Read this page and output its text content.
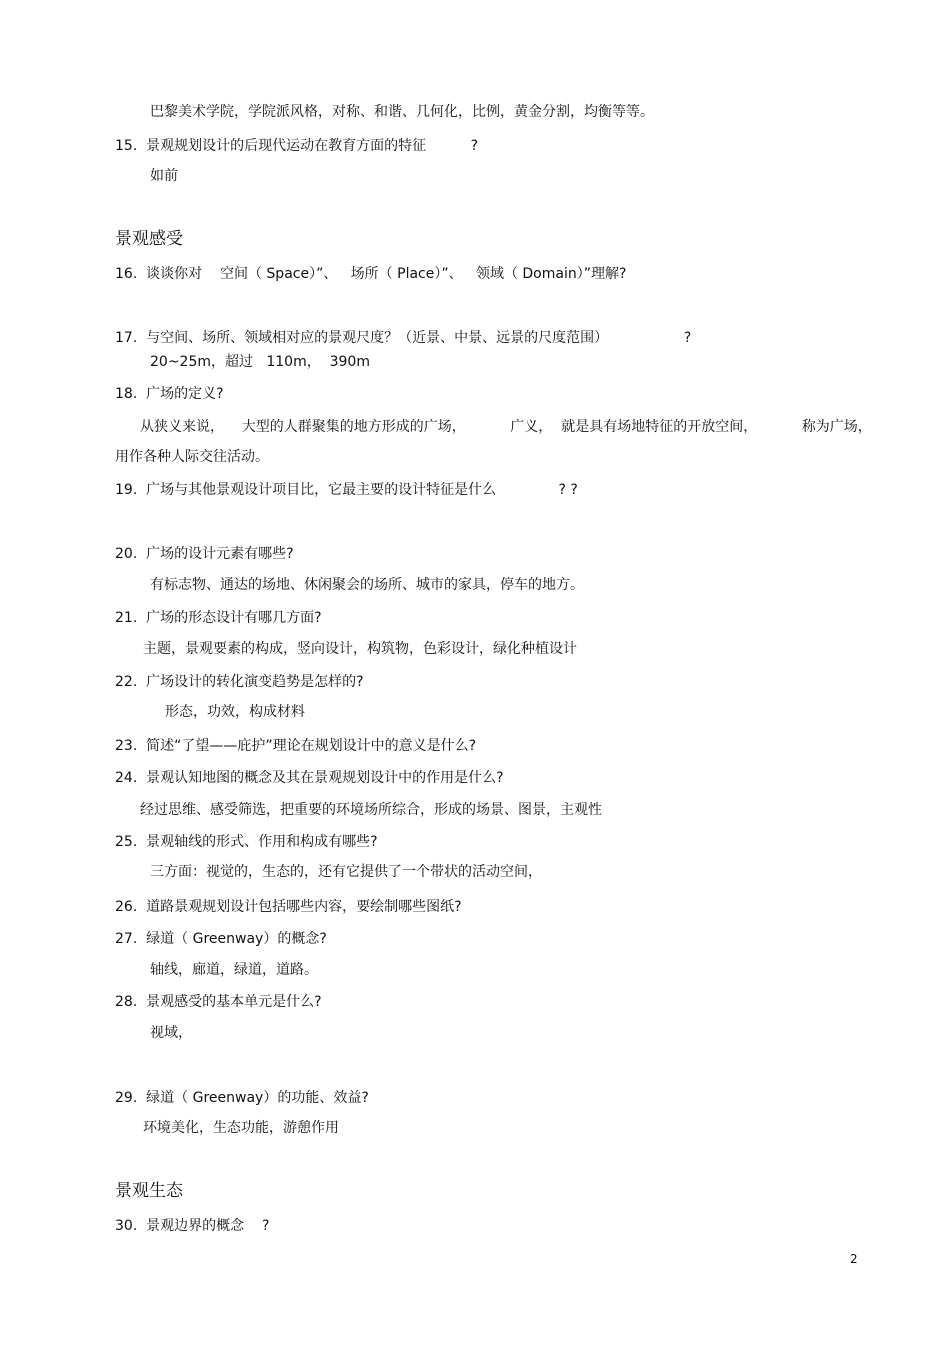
巴黎美术学院，学院派风格，对称、和谐、几何化，比例，黄金分割，均衡等等。
15.  景观规划设计的后现代运动在教育方面的特征          ?
如前
景观感受
16.  谈谈你对    空间（ Space）”、   场所（ Place）”、   领域（ Domain）”理解?
17.  与空间、场所、领域相对应的景观尺度？（近景、中景、远景的尺度范围）                 ?
20~25m，超过   110m，  390m
18.  广场的定义?
从狭义来说，    大型的人群聚集的地方形成的广场，          广义，  就是具有场地特征的开放空间，          称为广场，
用作各种人际交往活动。
19.  广场与其他景观设计项目比，它最主要的设计特征是什么              ? ?
20.  广场的设计元素有哪些?
有标志物、通达的场地、休闲聚会的场所、城市的家具，停车的地方。
21.  广场的形态设计有哪几方面?
主题，景观要素的构成，竖向设计，构筑物，色彩设计，绿化种植设计
22.  广场设计的转化演变趋势是怎样的?
形态，功效，构成材料
23.  简述“了望——庇护”理论在规划设计中的意义是什么?
24.  景观认知地图的概念及其在景观规划设计中的作用是什么?
经过思维、感受筛选，把重要的环境场所综合，形成的场景、图景，主观性
25.  景观轴线的形式、作用和构成有哪些?
三方面：视觉的，生态的，还有它提供了一个带状的活动空间，
26.  道路景观规划设计包括哪些内容，要绘制哪些图纸?
27.  绿道（ Greenway）的概念?
轴线，廊道，绿道，道路。
28.  景观感受的基本单元是什么?
视域，
29.  绿道（ Greenway）的功能、效益?
环境美化，生态功能，游憩作用
景观生态
30.  景观边界的概念    ?
2
